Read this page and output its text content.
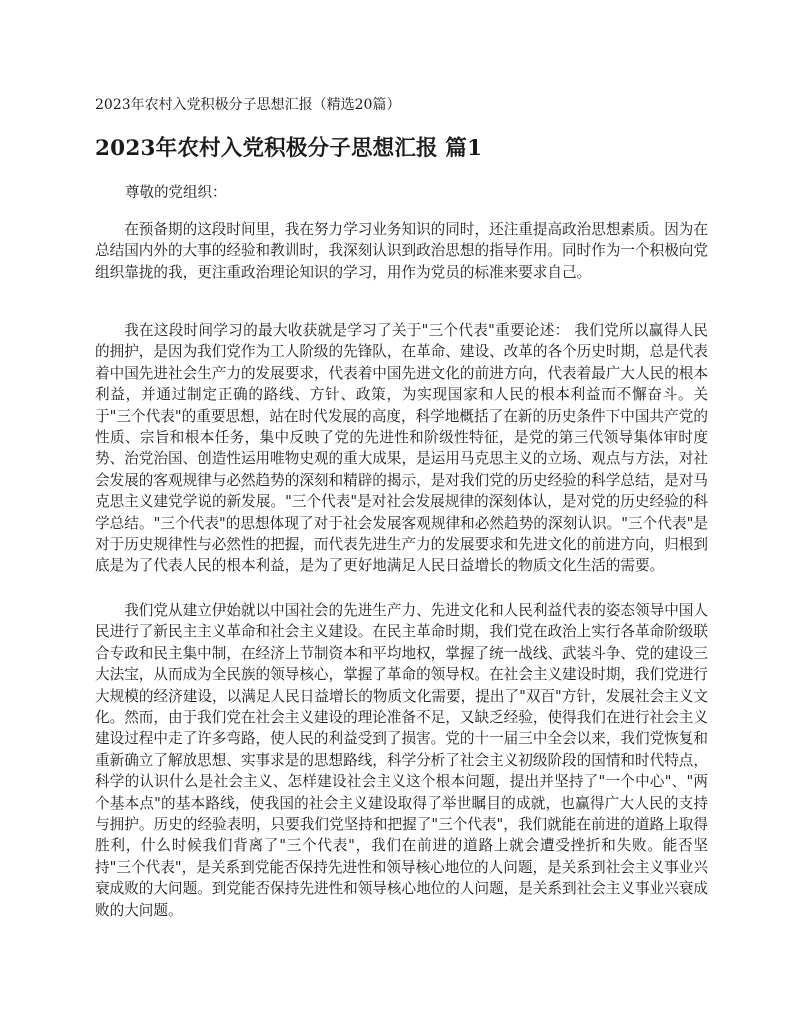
2023年农村入党积极分子思想汇报（精选20篇）
2023年农村入党积极分子思想汇报 篇1

尊敬的党组织：

在预备期的这段时间里，我在努力学习业务知识的同时，还注重提高政治思想素质。因为在总结国内外的大事的经验和教训时，我深刻认识到政治思想的指导作用。同时作为一个积极向党组织靠拢的我，更注重政治理论知识的学习，用作为党员的标准来要求自己。

我在这段时间学习的最大收获就是学习了关于"三个代表"重要论述： 我们党所以赢得人民的拥护，是因为我们党作为工人阶级的先锋队，在革命、建设、改革的各个历史时期，总是代表着中国先进社会生产力的发展要求，代表着中国先进文化的前进方向，代表着最广大人民的根本利益，并通过制定正确的路线、方针、政策，为实现国家和人民的根本利益而不懈奋斗。关于"三个代表"的重要思想，站在时代发展的高度，科学地概括了在新的历史条件下中国共产党的性质、宗旨和根本任务，集中反映了党的先进性和阶级性特征，是党的第三代领导集体审时度势、治党治国、创造性运用唯物史观的重大成果，是运用马克思主义的立场、观点与方法，对社会发展的客观规律与必然趋势的深刻和精辟的揭示，是对我们党的历史经验的科学总结，是对马克思主义建党学说的新发展。"三个代表"是对社会发展规律的深刻体认，是对党的历史经验的科学总结。"三个代表"的思想体现了对于社会发展客观规律和必然趋势的深刻认识。"三个代表"是对于历史规律性与必然性的把握，而代表先进生产力的发展要求和先进文化的前进方向，归根到底是为了代表人民的根本利益，是为了更好地满足人民日益增长的物质文化生活的需要。

我们党从建立伊始就以中国社会的先进生产力、先进文化和人民利益代表的姿态领导中国人民进行了新民主主义革命和社会主义建设。在民主革命时期，我们党在政治上实行各革命阶级联合专政和民主集中制，在经济上节制资本和平均地权，掌握了统一战线、武装斗争、党的建设三大法宝，从而成为全民族的领导核心，掌握了革命的领导权。在社会主义建设时期，我们党进行大规模的经济建设，以满足人民日益增长的物质文化需要，提出了"双百"方针，发展社会主义文化。然而，由于我们党在社会主义建设的理论准备不足，又缺乏经验，使得我们在进行社会主义建设过程中走了许多弯路，使人民的利益受到了损害。党的十一届三中全会以来，我们党恢复和重新确立了解放思想、实事求是的思想路线，科学分析了社会主义初级阶段的国情和时代特点，科学的认识什么是社会主义、怎样建设社会主义这个根本问题，提出并坚持了"一个中心"、"两个基本点"的基本路线，使我国的社会主义建设取得了举世瞩目的成就，也赢得广大人民的支持与拥护。历史的经验表明，只要我们党坚持和把握了"三个代表"，我们就能在前进的道路上取得胜利，什么时候我们背离了"三个代表"，我们在前进的道路上就会遭受挫折和失败。能否坚持"三个代表"，是关系到党能否保持先进性和领导核心地位的人问题，是关系到社会主义事业兴衰成败的大问题。到党能否保持先进性和领导核心地位的人问题，是关系到社会主义事业兴衰成败的大问题。
